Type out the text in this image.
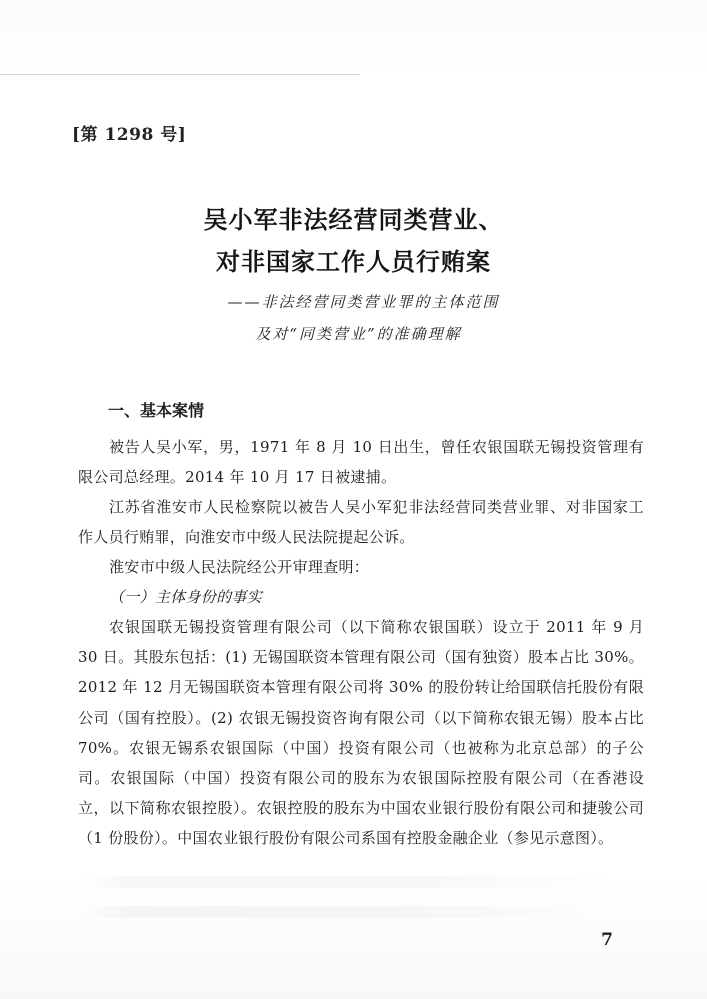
[第 1298 号]
吴小军非法经营同类营业、
对非国家工作人员行贿案
——非法经营同类营业罪的主体范围
及对“同类营业”的准确理解
一、基本案情

被告人吴小军，男，1971 年 8 月 10 日出生，曾任农银国联无锡投资管理有限公司总经理。2014 年 10 月 17 日被逮捕。

江苏省淮安市人民检察院以被告人吴小军犯非法经营同类营业罪、对非国家工作人员行贿罪，向淮安市中级人民法院提起公诉。

淮安市中级人民法院经公开审理查明：

（一）主体身份的事实

农银国联无锡投资管理有限公司（以下简称农银国联）设立于 2011 年 9 月 30 日。其股东包括：(1) 无锡国联资本管理有限公司（国有独资）股本占比 30%。2012 年 12 月无锡国联资本管理有限公司将 30% 的股份转让给国联信托股份有限公司（国有控股）。(2) 农银无锡投资咨询有限公司（以下简称农银无锡）股本占比 70%。农银无锡系农银国际（中国）投资有限公司（也被称为北京总部）的子公司。农银国际（中国）投资有限公司的股东为农银国际控股有限公司（在香港设立，以下简称农银控股）。农银控股的股东为中国农业银行股份有限公司和捷骏公司（1 份股份）。中国农业银行股份有限公司系国有控股金融企业（参见示意图）。

7
